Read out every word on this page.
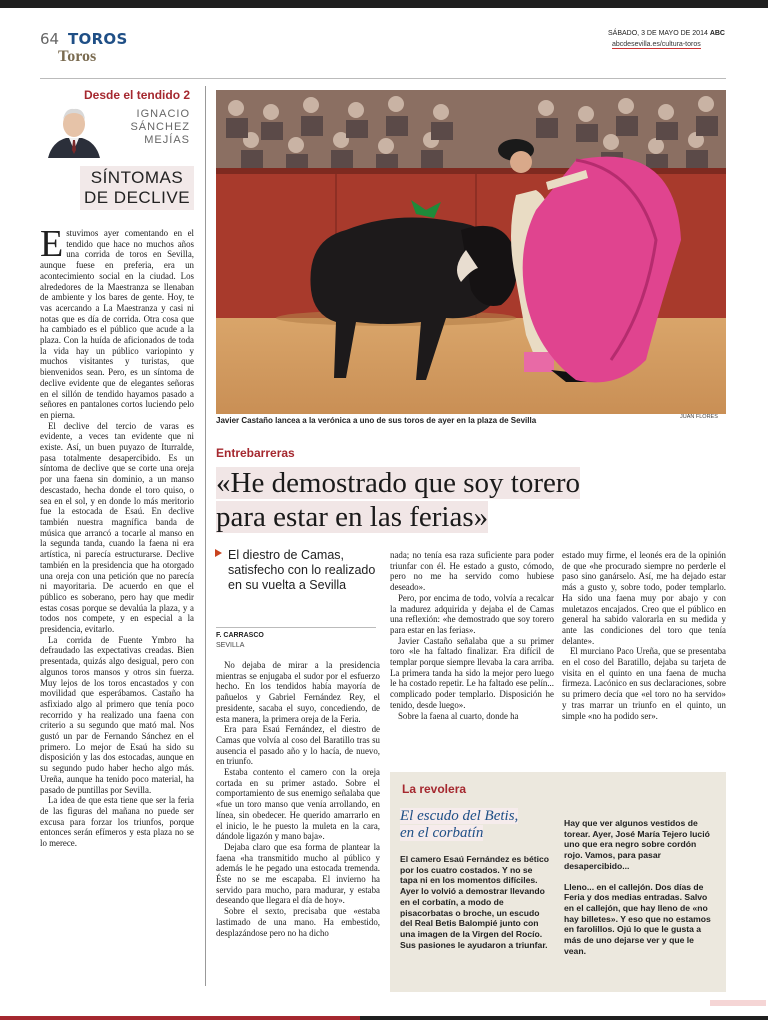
64 TOROS
Toros
SÁBADO, 3 DE MAYO DE 2014 ABC
abcdesevilla.es/cultura-toros
Desde el tendido 2
IGNACIO
SÁNCHEZ
MEJÍAS
SÍNTOMAS DE DECLIVE

Estuvimos ayer comentando en el tendido que hace no muchos años una corrida de toros en Sevilla, aunque fuese en preferia, era un acontecimiento social en la ciudad. Los alrededores de la Maestranza se llenaban de ambiente y los bares de gente. Hoy, te vas acercando a La Maestranza y casi ni notas que es día de corrida. Otra cosa que ha cambiado es el público que acude a la plaza. Con la huída de aficionados de toda la vida hay un público variopinto y muchos visitantes y turistas, que bienvenidos sean. Pero, es un síntoma de declive evidente que de elegantes señoras en el sillón de tendido hayamos pasado a señores en pantalones cortos luciendo pelo en pierna.

El declive del tercio de varas es evidente, a veces tan evidente que ni existe. Así, un buen puyazo de Iturralde, pasa totalmente desapercibido. Es un síntoma de declive que se corte una oreja por una faena sin dominio, a un manso descastado, hecha donde el toro quiso, o sea en el sol, y en donde lo más meritorio fue la estocada de Esaú. En declive también nuestra magnífica banda de música que arrancó a tocarle al manso en la segunda tanda, cuando la faena ni era artística, ni parecía estructurarse. Declive también en la presidencia que ha otorgado una oreja con una petición que no parecía ni mayoritaria. De acuerdo en que el público es soberano, pero hay que medir estas cosas porque se devalúa la plaza, y a todos nos compete, y en especial a la presidencia, evitarlo.

La corrida de Fuente Ymbro ha defraudado las expectativas creadas. Bien presentada, quizás algo desigual, pero con algunos toros mansos y otros sin fuerza. Muy lejos de los toros encastados y con movilidad que esperábamos. Castaño ha asfixiado algo al primero que tenía poco recorrido y ha realizado una faena con criterio a su segundo que mató mal. Nos gustó un par de Fernando Sánchez en el primero. Lo mejor de Esaú ha sido su disposición y las dos estocadas, aunque en su segundo pudo haber hecho algo más. Ureña, aunque ha tenido poco material, ha pasado de puntillas por Sevilla.

La idea de que esta tiene que ser la feria de las figuras del mañana no puede ser excusa para forzar los triunfos, porque entonces serán efímeros y esta plaza no se lo merece.

Javier Castaño lancea a la verónica a uno de sus toros de ayer en la plaza de Sevilla	JUAN FLORES
Entrebarreras
«He demostrado que soy torero
para estar en las ferias»
El diestro de Camas, satisfecho con lo realizado en su vuelta a Sevilla
F. CARRASCO
SEVILLA

No dejaba de mirar a la presidencia mientras se enjugaba el sudor por el esfuerzo hecho. En los tendidos había mayoría de pañuelos y Gabriel Fernández Rey, el presidente, sacaba el suyo, concediendo, de esta manera, la primera oreja de la Feria.

Era para Esaú Fernández, el diestro de Camas que volvía al coso del Baratillo tras su ausencia el pasado año y lo hacía, de nuevo, en triunfo.

Estaba contento el camero con la oreja cortada en su primer astado. Sobre el comportamiento de sus enemigo señalaba que «fue un toro manso que venía arrollando, en línea, sin obedecer. He querido amarrarlo en el inicio, le he puesto la muleta en la cara, dándole ligazón y mano baja».

Dejaba claro que esa forma de plantear la faena «ha transmitido mucho al público y además le he pegado una estocada tremenda. Éste no se me escapaba. El invierno ha servido para mucho, para madurar, y estaba deseando que llegara el día de hoy».

Sobre el sexto, precisaba que «estaba lastimado de una mano. Ha embestido, desplazándose pero no ha dicho

nada; no tenía esa raza suficiente para poder triunfar con él. He estado a gusto, cómodo, pero no me ha servido como hubiese deseado».

Pero, por encima de todo, volvía a recalcar la madurez adquirida y dejaba el de Camas una reflexión: «he demostrado que soy torero para estar en las ferias».

Javier Castaño señalaba que a su primer toro «le ha faltado finalizar. Era difícil de templar porque siempre llevaba la cara arriba. La primera tanda ha sido la mejor pero luego le ha costado repetir. Le ha faltado ese pelín... complicado poder templarlo. Disposición he tenido, desde luego».

Sobre la faena al cuarto, donde ha

estado muy firme, el leonés era de la opinión de que «he procurado siempre no perderle el paso sino ganárselo. Así, me ha dejado estar más a gusto y, sobre todo, poder templarlo. Ha sido una faena muy por abajo y con muletazos encajados. Creo que el público en general ha sabido valorarla en su medida y ante las condiciones del toro que tenía delante».

El murciano Paco Ureña, que se presentaba en el coso del Baratillo, dejaba su tarjeta de visita en el quinto en una faena de mucha firmeza. Lacónico en sus declaraciones, sobre su primero decía que «el toro no ha servido» y tras marrar un triunfo en el quinto, un simple «no ha podido ser».

La revolera
El escudo del Betis,
en el corbatín
El camero Esaú Fernández es bético por los cuatro costados. Y no se tapa ni en los momentos difíciles. Ayer lo volvió a demostrar llevando en el corbatín, a modo de pisacorbatas o broche, un escudo del Real Betis Balompié junto con una imagen de la Virgen del Rocío. Sus pasiones le ayudaron a triunfar.

Hay que ver algunos vestidos de torear. Ayer, José María Tejero lució uno que era negro sobre cordón rojo. Vamos, para pasar desapercibido...

Lleno... en el callejón. Dos días de Feria y dos medias entradas. Salvo en el callejón, que hay lleno de «no hay billetes». Y eso que no estamos en farolillos. Ojú lo que le gusta a más de uno dejarse ver y que le vean.
